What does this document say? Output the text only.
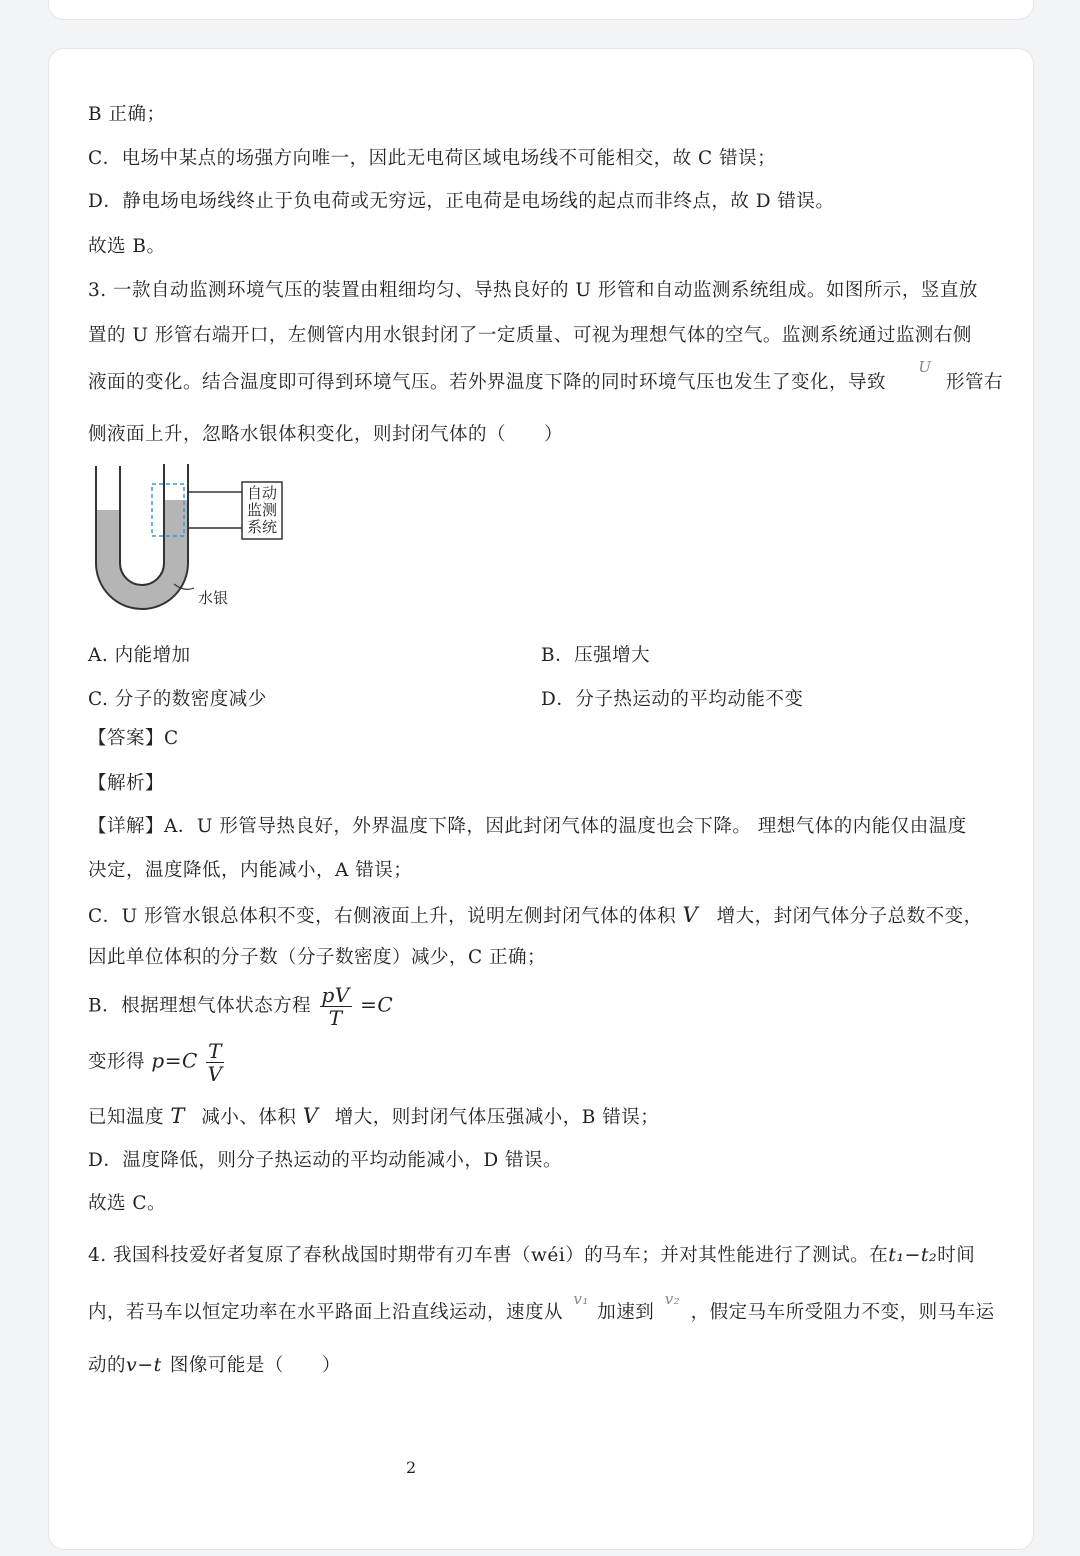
B 正确；
C．电场中某点的场强方向唯一，因此无电荷区域电场线不可能相交，故 C 错误；
D．静电场电场线终止于负电荷或无穷远，正电荷是电场线的起点而非终点，故 D 错误。
故选 B。
3. 一款自动监测环境气压的装置由粗细均匀、导热良好的 U 形管和自动监测系统组成。如图所示，竖直放
置的 U 形管右端开口，左侧管内用水银封闭了一定质量、可视为理想气体的空气。监测系统通过监测右侧
液面的变化。结合温度即可得到环境气压。若外界温度下降的同时环境气压也发生了变化，导致 U 形管右
侧液面上升，忽略水银体积变化，则封闭气体的（　　）
自动
监测
系统
水银
A. 内能增加	B．压强增大
C. 分子的数密度减少	D．分子热运动的平均动能不变
【答案】C
【解析】
【详解】A．U 形管导热良好，外界温度下降，因此封闭气体的温度也会下降。 理想气体的内能仅由温度
决定，温度降低，内能减小，A 错误；
C．U 形管水银总体积不变，右侧液面上升，说明左侧封闭气体的体积 V 增大，封闭气体分子总数不变，
因此单位体积的分子数（分子数密度）减少，C 正确；
B．根据理想气体状态方程 $\frac{pV}{T} =C$
变形得 $p=C \frac{T}{V}$
已知温度 T 减小、体积 V 增大，则封闭气体压强减小，B 错误；
D．温度降低，则分子热运动的平均动能减小，D 错误。
故选 C。
4. 我国科技爱好者复原了春秋战国时期带有刃车軎（wéi）的马车；并对其性能进行了测试。在t₁−t₂时间
内，若马车以恒定功率在水平路面上沿直线运动，速度从 v₁ 加速到 v₂ ，假定马车所受阻力不变，则马车运
动的v−t 图像可能是（　　）
2
